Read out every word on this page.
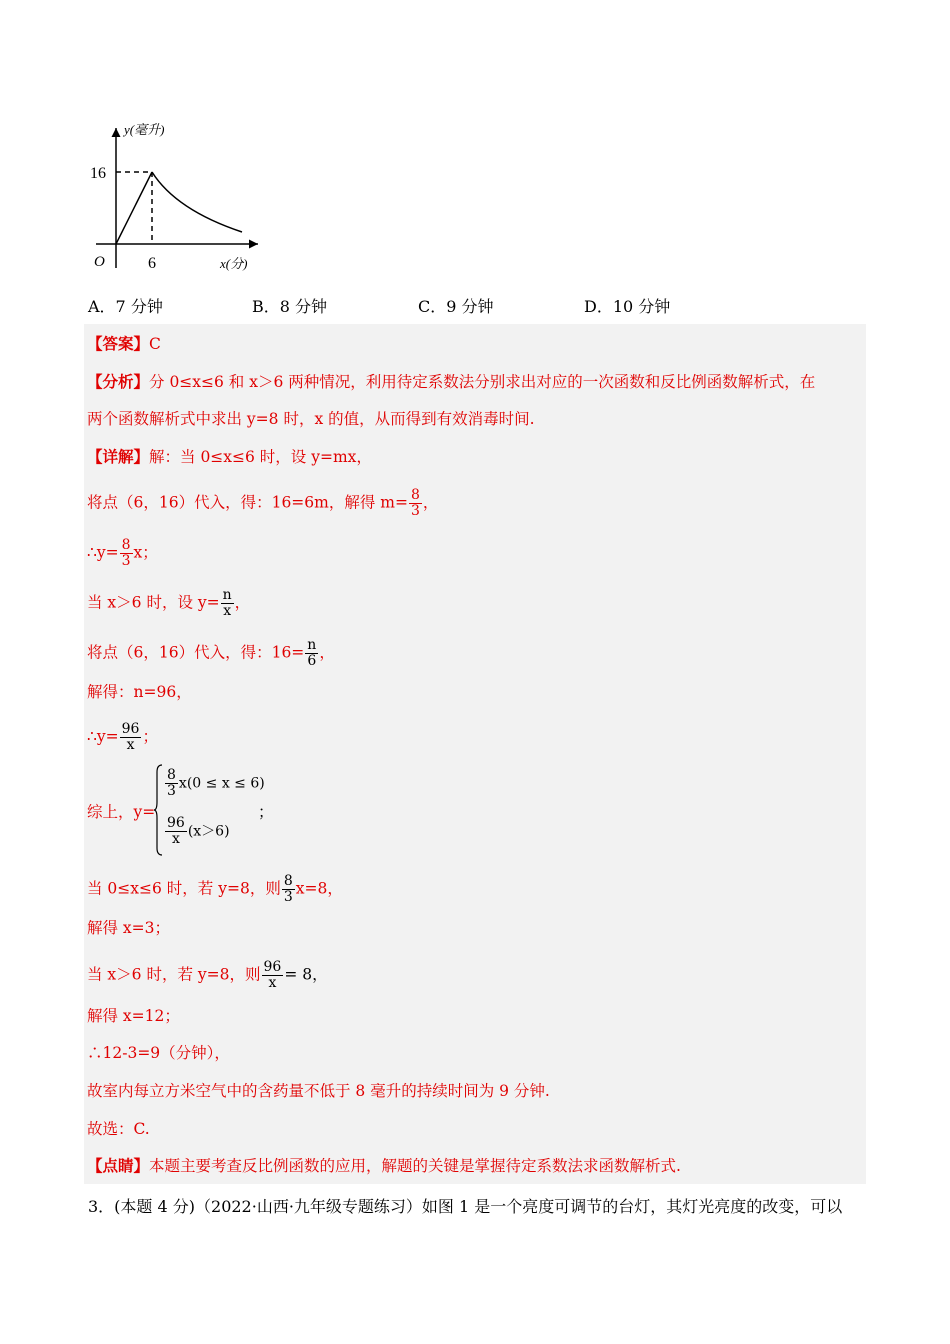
y(毫升)
16
O	6	x(分)
A．7 分钟	B．8 分钟	C．9 分钟	D．10 分钟
【答案】C
【分析】分 0≤x≤6 和 x＞6 两种情况，利用待定系数法分别求出对应的一次函数和反比例函数解析式，在
两个函数解析式中求出 y=8 时，x 的值，从而得到有效消毒时间.
【详解】解：当 0≤x≤6 时，设 y=mx，
将点（6，16）代入，得：16=6m，解得 $m= \frac{8}{3}$ ，
∴y= $\frac{8}{3}$ x；
当 x＞6 时，设 $y= \frac{n}{x}$ ，
将点（6，16）代入，得：$16= \frac{n}{6}$ ，
解得：n=96，
∴y= $\frac{96}{x}$ ；
综上，y=
$\frac{8}{3} x(0 \le x \le 6)$
$\frac{96}{x} (x>6)$
；
当 0≤x≤6 时，若 y=8，则 $\frac{8}{3} x=8$，
解得 x=3；
当 x＞6 时，若 y=8，则 $\frac{96}{x} = 8$，
解得 x=12；
∴12-3=9（分钟），
故室内每立方米空气中的含药量不低于 8 毫升的持续时间为 9 分钟.
故选：C.
【点睛】本题主要考查反比例函数的应用，解题的关键是掌握待定系数法求函数解析式.
3．(本题 4 分)（2022·山西·九年级专题练习）如图 1 是一个亮度可调节的台灯，其灯光亮度的改变，可以
